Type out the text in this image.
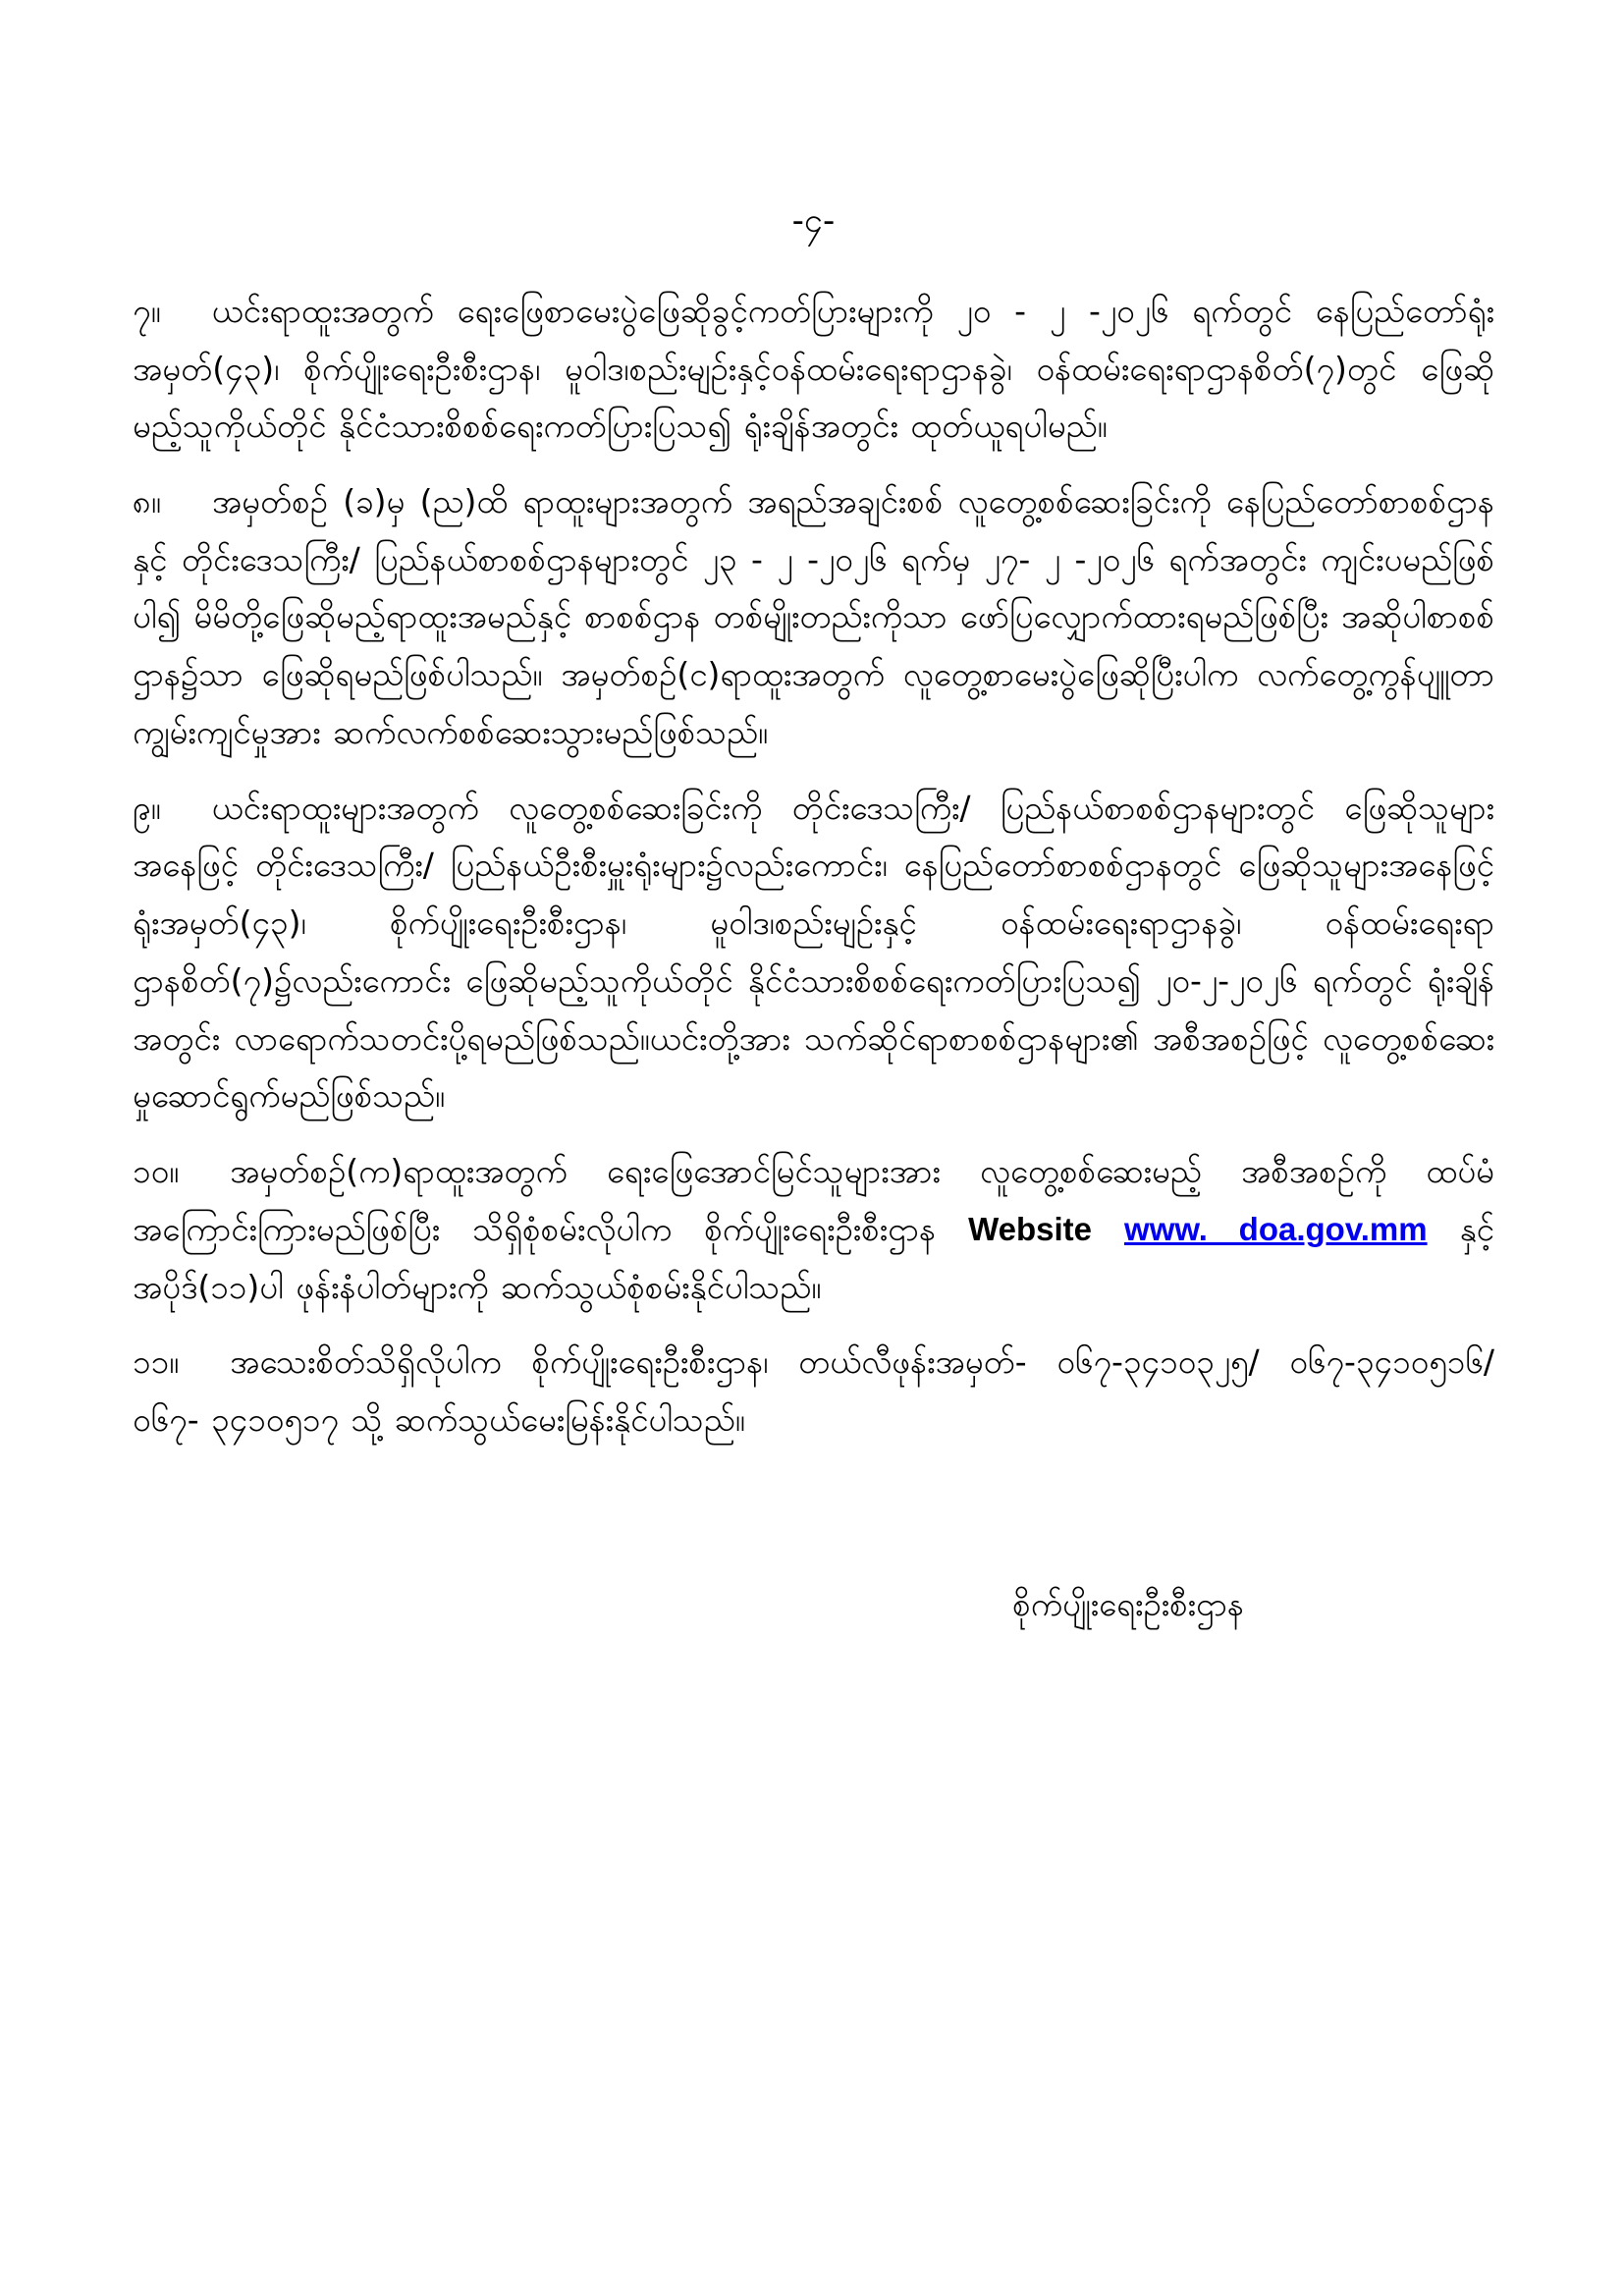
-၄-

၇။ ယင်းရာထူးအတွက် ရေးဖြေစာမေးပွဲဖြေဆိုခွင့်ကတ်ပြားများကို ၂၀ - ၂ -၂၀၂၆ ရက်တွင် နေပြည်တော်ရုံးအမှတ်(၄၃)၊ စိုက်ပျိုးရေးဦးစီးဌာန၊ မူဝါဒ၊စည်းမျဉ်းနှင့်ဝန်ထမ်းရေးရာဌာနခွဲ၊ ဝန်ထမ်းရေးရာဌာနစိတ်(၇)တွင် ဖြေဆိုမည့်သူကိုယ်တိုင် နိုင်ငံသားစိစစ်ရေးကတ်ပြားပြသ၍ ရုံးချိန်အတွင်း ထုတ်ယူရပါမည်။

၈။ အမှတ်စဉ် (ခ)မှ (ည)ထိ ရာထူးများအတွက် အရည်အချင်းစစ် လူတွေ့စစ်ဆေးခြင်းကို နေပြည်တော်စာစစ်ဌာနနှင့် တိုင်းဒေသကြီး/ ပြည်နယ်စာစစ်ဌာနများတွင် ၂၃ - ၂ -၂၀၂၆ ရက်မှ ၂၇- ၂ -၂၀၂၆ ရက်အတွင်း ကျင်းပမည်ဖြစ်ပါ၍ မိမိတို့ဖြေဆိုမည့်ရာထူးအမည်နှင့် စာစစ်ဌာန တစ်မျိုးတည်းကိုသာ ဖော်ပြလျှောက်ထားရမည်ဖြစ်ပြီး အဆိုပါစာစစ်ဌာန၌သာ ဖြေဆိုရမည်ဖြစ်ပါသည်။ အမှတ်စဉ်(င)ရာထူးအတွက် လူတွေ့စာမေးပွဲဖြေဆိုပြီးပါက လက်တွေ့ကွန်ပျူတာကျွမ်းကျင်မှုအား ဆက်လက်စစ်ဆေးသွားမည်ဖြစ်သည်။

၉။ ယင်းရာထူးများအတွက် လူတွေ့စစ်ဆေးခြင်းကို တိုင်းဒေသကြီး/ ပြည်နယ်စာစစ်ဌာနများတွင် ဖြေဆိုသူများအနေဖြင့် တိုင်းဒေသကြီး/ ပြည်နယ်ဦးစီးမှူးရုံးများ၌လည်းကောင်း၊ နေပြည်တော်စာစစ်ဌာနတွင် ဖြေဆိုသူများအနေဖြင့် ရုံးအမှတ်(၄၃)၊ စိုက်ပျိုးရေးဦးစီးဌာန၊ မူဝါဒ၊စည်းမျဉ်းနှင့် ဝန်ထမ်းရေးရာဌာနခွဲ၊ ဝန်ထမ်းရေးရာဌာနစိတ်(၇)၌လည်းကောင်း ဖြေဆိုမည့်သူကိုယ်တိုင် နိုင်ငံသားစိစစ်ရေးကတ်ပြားပြသ၍ ၂၀-၂-၂၀၂၆ ရက်တွင် ရုံးချိန်အတွင်း လာရောက်သတင်းပို့ရမည်ဖြစ်သည်။ယင်းတို့အား သက်ဆိုင်ရာစာစစ်ဌာနများ၏ အစီအစဉ်ဖြင့် လူတွေ့စစ်ဆေးမှုဆောင်ရွက်မည်ဖြစ်သည်။

၁၀။ အမှတ်စဉ်(က)ရာထူးအတွက် ရေးဖြေအောင်မြင်သူများအား လူတွေ့စစ်ဆေးမည့် အစီအစဉ်ကို ထပ်မံအကြောင်းကြားမည်ဖြစ်ပြီး သိရှိစုံစမ်းလိုပါက စိုက်ပျိုးရေးဦးစီးဌာန Website www. doa.gov.mm နှင့်အပိုဒ်(၁၁)ပါ ဖုန်းနံပါတ်များကို ဆက်သွယ်စုံစမ်းနိုင်ပါသည်။

၁၁။ အသေးစိတ်သိရှိလိုပါက စိုက်ပျိုးရေးဦးစီးဌာန၊ တယ်လီဖုန်းအမှတ်- ၀၆၇-၃၄၁၀၃၂၅/ ၀၆၇-၃၄၁၀၅၁၆/ ၀၆၇- ၃၄၁၀၅၁၇ သို့ ဆက်သွယ်မေးမြန်းနိုင်ပါသည်။

စိုက်ပျိုးရေးဦးစီးဌာန
